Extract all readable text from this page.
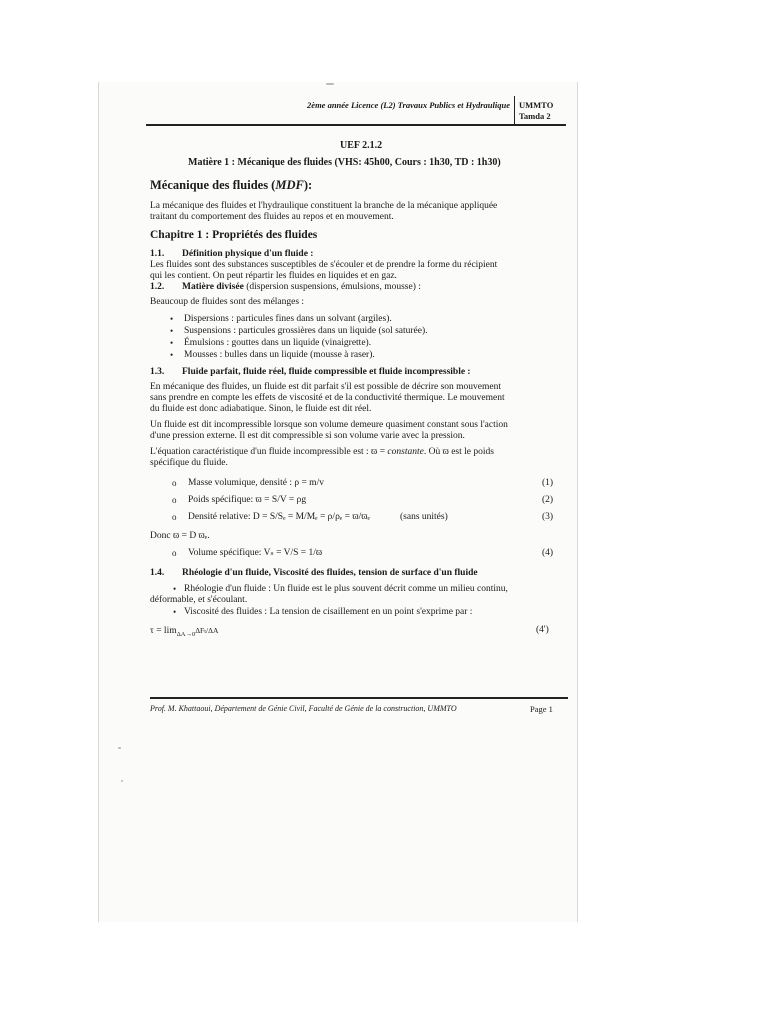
2ème année Licence (L2) Travaux Publics et Hydraulique UMMTO
Tamda 2
UEF 2.1.2
Matière 1 : Mécanique des fluides (VHS: 45h00, Cours : 1h30, TD : 1h30)
Mécanique des fluides (MDF):
La mécanique des fluides et l'hydraulique constituent la branche de la mécanique appliquée
traitant du comportement des fluides au repos et en mouvement.
Chapitre 1 : Propriétés des fluides
1.1. Définition physique d'un fluide :
Les fluides sont des substances susceptibles de s'écouler et de prendre la forme du récipient
qui les contient. On peut répartir les fluides en liquides et en gaz.
1.2. Matière divisée (dispersion suspensions, émulsions, mousse) :
Beaucoup de fluides sont des mélanges :
• Dispersions : particules fines dans un solvant (argiles).
• Suspensions : particules grossières dans un liquide (sol saturée).
• Émulsions : gouttes dans un liquide (vinaigrette).
• Mousses : bulles dans un liquide (mousse à raser).
1.3. Fluide parfait, fluide réel, fluide compressible et fluide incompressible :
En mécanique des fluides, un fluide est dit parfait s'il est possible de décrire son mouvement
sans prendre en compte les effets de viscosité et de la conductivité thermique. Le mouvement
du fluide est donc adiabatique. Sinon, le fluide est dit réel.
Un fluide est dit incompressible lorsque son volume demeure quasiment constant sous l'action
d'une pression externe. Il est dit compressible si son volume varie avec la pression.
L'équation caractéristique d'un fluide incompressible est : ϖ = constante. Où ϖ est le poids
spécifique du fluide.
o Masse volumique, densité : ρ = m/v	(1)
o Poids spécifique: ϖ = S/V = ρg	(2)
o Densité relative: D = S/Sₑ = M/Mₑ = ρ/ρₑ = ϖ/ϖₑ	(sans unités)	(3)
Donc ϖ = D ϖₑ.
o Volume spécifique: Vₛ = V/S = 1/ϖ	(4)
1.4. Rhéologie d'un fluide, Viscosité des fluides, tension de surface d'un fluide
• Rhéologie d'un fluide : Un fluide est le plus souvent décrit comme un milieu continu,
déformable, et s'écoulant.
• Viscosité des fluides : La tension de cisaillement en un point s'exprime par :
$\tau = \lim_{\Delta A\to 0}\Delta F_t/\Delta A$	(4')
Prof. M. Khattaoui, Département de Génie Civil, Faculté de Génie de la construction, UMMTO	Page 1
